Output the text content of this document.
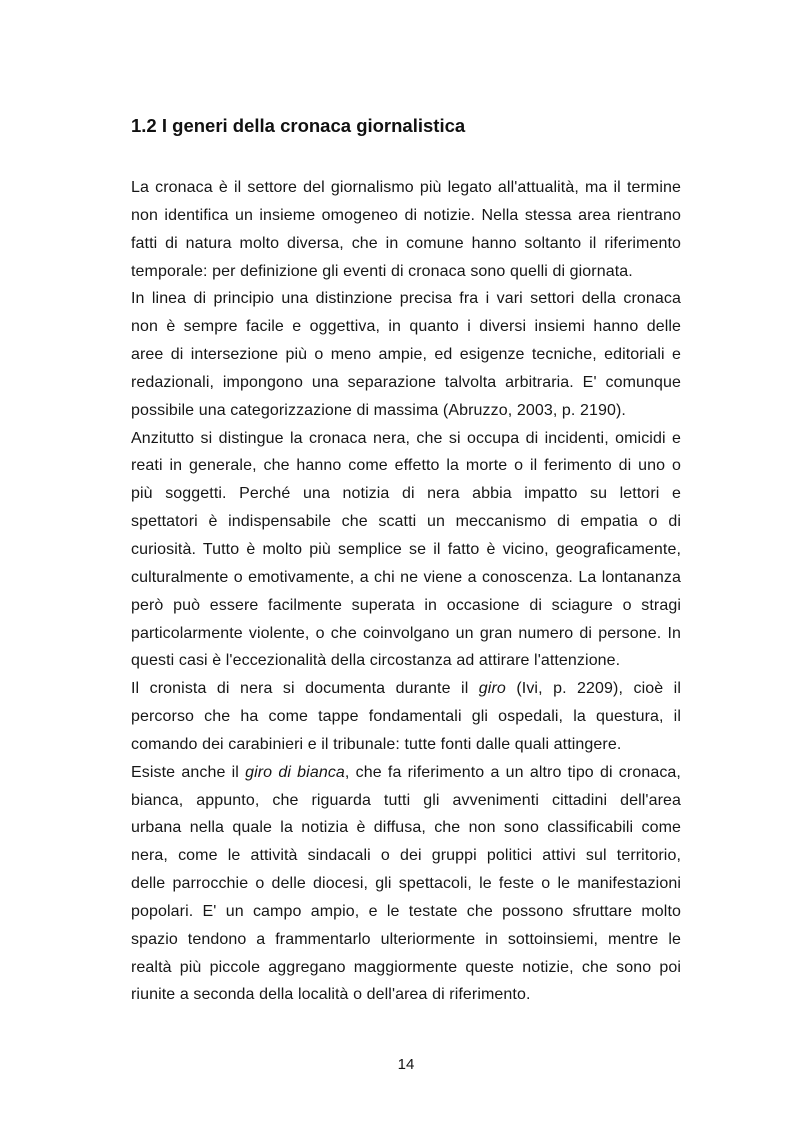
1.2 I generi della cronaca giornalistica
La cronaca è il settore del giornalismo più legato all'attualità, ma il termine
non identifica un insieme omogeneo di notizie. Nella stessa area rientrano
fatti di natura molto diversa, che in comune hanno soltanto il riferimento
temporale: per definizione gli eventi di cronaca sono quelli di giornata.
In linea di principio una distinzione precisa fra i vari settori della cronaca
non è sempre facile e oggettiva, in quanto i diversi insiemi hanno delle
aree di intersezione più o meno ampie, ed esigenze tecniche, editoriali e
redazionali, impongono una separazione talvolta arbitraria. E' comunque
possibile una categorizzazione di massima (Abruzzo, 2003, p. 2190).
Anzitutto si distingue la cronaca nera, che si occupa di incidenti, omicidi e
reati in generale, che hanno come effetto la morte o il ferimento di uno o
più soggetti. Perché una notizia di nera abbia impatto su lettori e
spettatori è indispensabile che scatti un meccanismo di empatia o di
curiosità. Tutto è molto più semplice se il fatto è vicino, geograficamente,
culturalmente o emotivamente, a chi ne viene a conoscenza. La lontananza
però può essere facilmente superata in occasione di sciagure o stragi
particolarmente violente, o che coinvolgano un gran numero di persone. In
questi casi è l'eccezionalità della circostanza ad attirare l'attenzione.
Il cronista di nera si documenta durante il giro (Ivi, p. 2209), cioè il
percorso che ha come tappe fondamentali gli ospedali, la questura, il
comando dei carabinieri e il tribunale: tutte fonti dalle quali attingere.
Esiste anche il giro di bianca, che fa riferimento a un altro tipo di cronaca,
bianca, appunto, che riguarda tutti gli avvenimenti cittadini dell'area
urbana nella quale la notizia è diffusa, che non sono classificabili come
nera, come le attività sindacali o dei gruppi politici attivi sul territorio,
delle parrocchie o delle diocesi, gli spettacoli, le feste o le manifestazioni
popolari. E' un campo ampio, e le testate che possono sfruttare molto
spazio tendono a frammentarlo ulteriormente in sottoinsiemi, mentre le
realtà più piccole aggregano maggiormente queste notizie, che sono poi
riunite a seconda della località o dell'area di riferimento.
14
